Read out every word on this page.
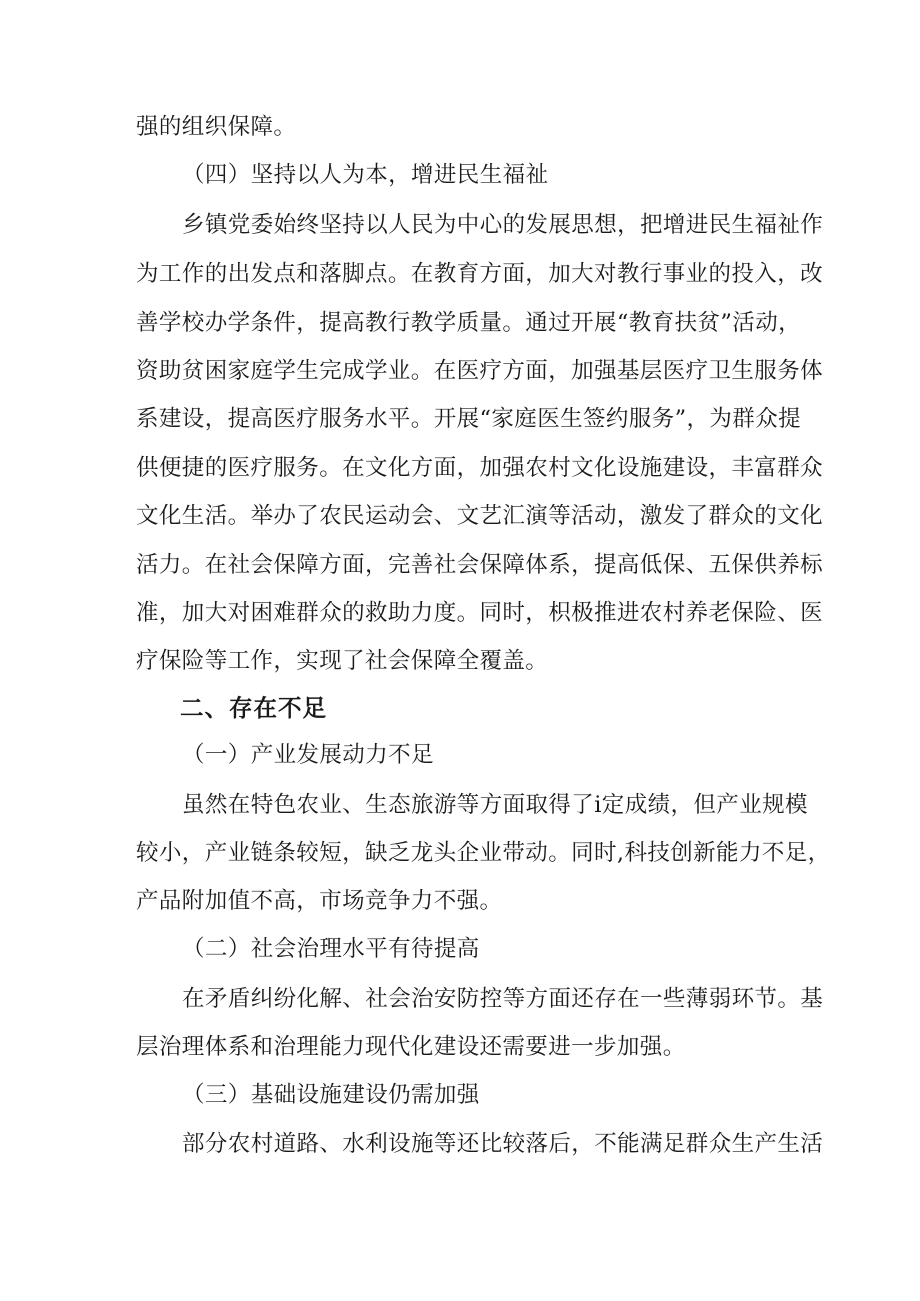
强的组织保障。
（四）坚持以人为本，增进民生福祉
乡镇党委始终坚持以人民为中心的发展思想，把增进民生福祉作
为工作的出发点和落脚点。在教育方面，加大对教行事业的投入，改
善学校办学条件，提高教行教学质量。通过开展“教育扶贫”活动，
资助贫困家庭学生完成学业。在医疗方面，加强基层医疗卫生服务体
系建设，提高医疗服务水平。开展“家庭医生签约服务”，为群众提
供便捷的医疗服务。在文化方面，加强农村文化设施建设，丰富群众
文化生活。举办了农民运动会、文艺汇演等活动，激发了群众的文化
活力。在社会保障方面，完善社会保障体系，提高低保、五保供养标
准，加大对困难群众的救助力度。同时，枳极推进农村养老保险、医
疗保险等工作，实现了社会保障全覆盖。
二、存在不足
（一）产业发展动力不足
虽然在特色农业、生态旅游等方面取得了i定成绩，但产业规模
较小，产业链条较短，缺乏龙头企业带动。同时,科技创新能力不足，
产品附加值不高，市场竞争力不强。
（二）社会治理水平有待提高
在矛盾纠纷化解、社会治安防控等方面还存在一些薄弱环节。基
层治理体系和治理能力现代化建设还需要进一步加强。
（三）基础设施建设仍需加强
部分农村道路、水利设施等还比较落后，不能满足群众生产生活
